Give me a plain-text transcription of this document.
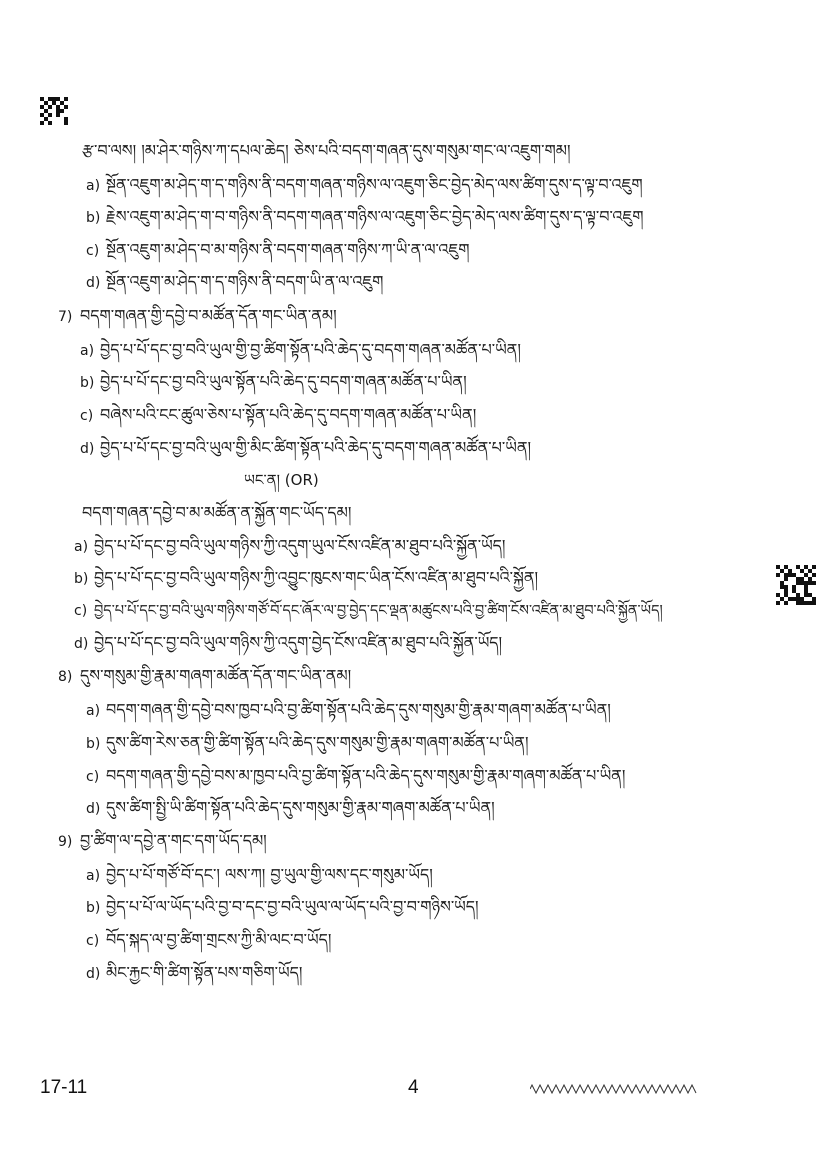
རྩ་བ་ལས། །མ་ཤེར་གཉིས་ཀ་དཔལ་ཆེད། ཅེས་པའི་བདག་གཞན་དུས་གསུམ་གང་ལ་འཇུག་གམ།
a) སྔོན་འཇུག་མ་ཤེད་ག་ད་གཉིས་ནི་བདག་གཞན་གཉིས་ལ་འཇུག་ཅིང་བྱེད་མེད་ལས་ཚིག་དུས་ད་ལྟ་བ་འཇུག
b) རྗེས་འཇུག་མ་ཤེད་ག་བ་གཉིས་ནི་བདག་གཞན་གཉིས་ལ་འཇུག་ཅིང་བྱེད་མེད་ལས་ཚིག་དུས་ད་ལྟ་བ་འཇུག
c) སྔོན་འཇུག་མ་ཤེད་བ་མ་གཉིས་ནི་བདག་གཞན་གཉིས་ཀ་ཡི་ན་ལ་འཇུག
d) སྔོན་འཇུག་མ་ཤེད་ག་ད་གཉིས་ནི་བདག་ཡི་ན་ལ་འཇུག
7) བདག་གཞན་གྱི་དབྱེ་བ་མཚོན་དོན་གང་ཡིན་ནམ།
a) བྱེད་པ་པོ་དང་བྱ་བའི་ཡུལ་གྱི་བྱ་ཚིག་སྟོན་པའི་ཆེད་དུ་བདག་གཞན་མཚོན་པ་ཡིན།
b) བྱེད་པ་པོ་དང་བྱ་བའི་ཡུལ་སྟོན་པའི་ཆེད་དུ་བདག་གཞན་མཚོན་པ་ཡིན།
c) བཞེས་པའི་ངང་ཚུལ་ཅེས་པ་སྟོན་པའི་ཆེད་དུ་བདག་གཞན་མཚོན་པ་ཡིན།
d) བྱེད་པ་པོ་དང་བྱ་བའི་ཡུལ་གྱི་མིང་ཚིག་སྟོན་པའི་ཆེད་དུ་བདག་གཞན་མཚོན་པ་ཡིན།
ཡང་ན། (OR)
བདག་གཞན་དབྱེ་བ་མ་མཚོན་ན་སྐྱོན་གང་ཡོད་དམ།
a) བྱེད་པ་པོ་དང་བྱ་བའི་ཡུལ་གཉིས་ཀྱི་འདུག་ཡུལ་ངོས་འཛིན་མ་ཐུབ་པའི་སྐྱོན་ཡོད།
b) བྱེད་པ་པོ་དང་བྱ་བའི་ཡུལ་གཉིས་ཀྱི་འབྱུང་ཁུངས་གང་ཡིན་ངོས་འཛིན་མ་ཐུབ་པའི་སྐྱོན།
c) བྱེད་པ་པོ་དང་བྱ་བའི་ཡུལ་གཉིས་གཙོ་བོ་དང་ཞོར་ལ་བྱ་བྱེད་དང་ལྡན་མཚུངས་པའི་བྱ་ཚིག་ངོས་འཛིན་མ་ཐུབ་པའི་སྐྱོན་ཡོད།
d) བྱེད་པ་པོ་དང་བྱ་བའི་ཡུལ་གཉིས་ཀྱི་འདུག་བྱེད་ངོས་འཛིན་མ་ཐུབ་པའི་སྐྱོན་ཡོད།
8) དུས་གསུམ་གྱི་རྣམ་གཞག་མཚོན་དོན་གང་ཡིན་ནམ།
a) བདག་གཞན་གྱི་དབྱེ་བས་ཁྱབ་པའི་བྱ་ཚིག་སྟོན་པའི་ཆེད་དུས་གསུམ་གྱི་རྣམ་གཞག་མཚོན་པ་ཡིན།
b) དུས་ཚིག་རེས་ཅན་གྱི་ཚིག་སྟོན་པའི་ཆེད་དུས་གསུམ་གྱི་རྣམ་གཞག་མཚོན་པ་ཡིན།
c) བདག་གཞན་གྱི་དབྱེ་བས་མ་ཁྱབ་པའི་བྱ་ཚིག་སྟོན་པའི་ཆེད་དུས་གསུམ་གྱི་རྣམ་གཞག་མཚོན་པ་ཡིན།
d) དུས་ཚིག་སྤྱི་ཡི་ཚིག་སྟོན་པའི་ཆེད་དུས་གསུམ་གྱི་རྣམ་གཞག་མཚོན་པ་ཡིན།
9) བྱ་ཚིག་ལ་དབྱེ་ན་གང་དག་ཡོད་དམ།
a) བྱེད་པ་པོ་གཙོ་བོ་དང་། ལས་ཀ། བྱ་ཡུལ་གྱི་ལས་དང་གསུམ་ཡོད།
b) བྱེད་པ་པོ་ལ་ཡོད་པའི་བྱ་བ་དང་བྱ་བའི་ཡུལ་ལ་ཡོད་པའི་བྱ་བ་གཉིས་ཡོད།
c) བོད་སྐད་ལ་བྱ་ཚིག་གྲངས་ཀྱི་མི་ལང་བ་ཡོད།
d) མིང་རྐྱང་གི་ཚིག་སྟོན་པས་གཅིག་ཡོད།
17-11	4
